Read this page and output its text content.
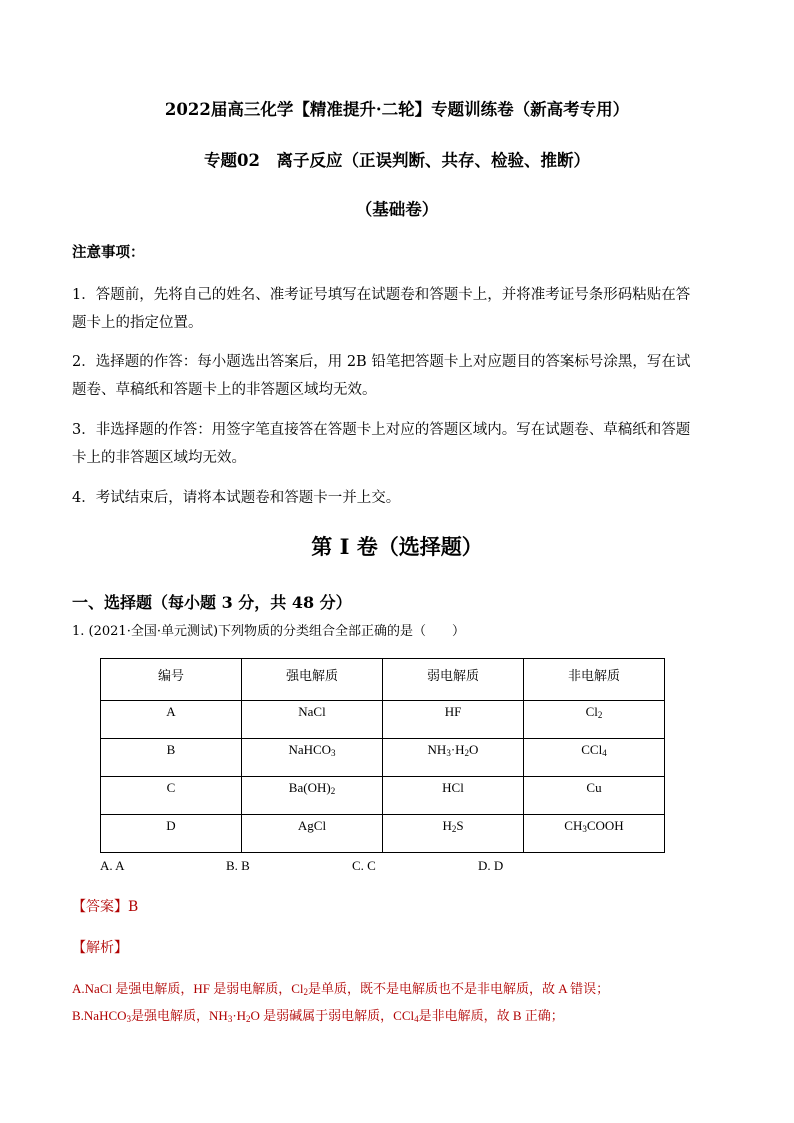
2022届高三化学【精准提升·二轮】专题训练卷（新高考专用）
专题02　离子反应（正误判断、共存、检验、推断）
（基础卷）
注意事项：
1．答题前，先将自己的姓名、准考证号填写在试题卷和答题卡上，并将准考证号条形码粘贴在答
题卡上的指定位置。
2．选择题的作答：每小题选出答案后，用 2B 铅笔把答题卡上对应题目的答案标号涂黑，写在试
题卷、草稿纸和答题卡上的非答题区域均无效。
3．非选择题的作答：用签字笔直接答在答题卡上对应的答题区域内。写在试题卷、草稿纸和答题
卡上的非答题区域均无效。
4．考试结束后，请将本试题卷和答题卡一并上交。
第 I 卷（选择题）
一、选择题（每小题 3 分，共 48 分）
1. (2021·全国·单元测试)下列物质的分类组合全部正确的是（　　）
编号	强电解质	弱电解质	非电解质
A	NaCl	HF	$Cl_2$
B	NaHCO$_3$	$NH_3\cdot H_2O$	CCl$_4$
C	$Ba(OH)_2$	HCl	Cu
D	AgCl	$H_2S$	$CH_3COOH$
A. A	B. B	C. C	D. D
【答案】B
【解析】
A.NaCl 是强电解质，HF 是弱电解质，$Cl_2$是单质，既不是电解质也不是非电解质，故 A 错误；
B.NaHCO$_3$是强电解质，$NH_3\cdot H_2O$ 是弱碱属于弱电解质，CCl$_4$是非电解质，故 B 正确；
